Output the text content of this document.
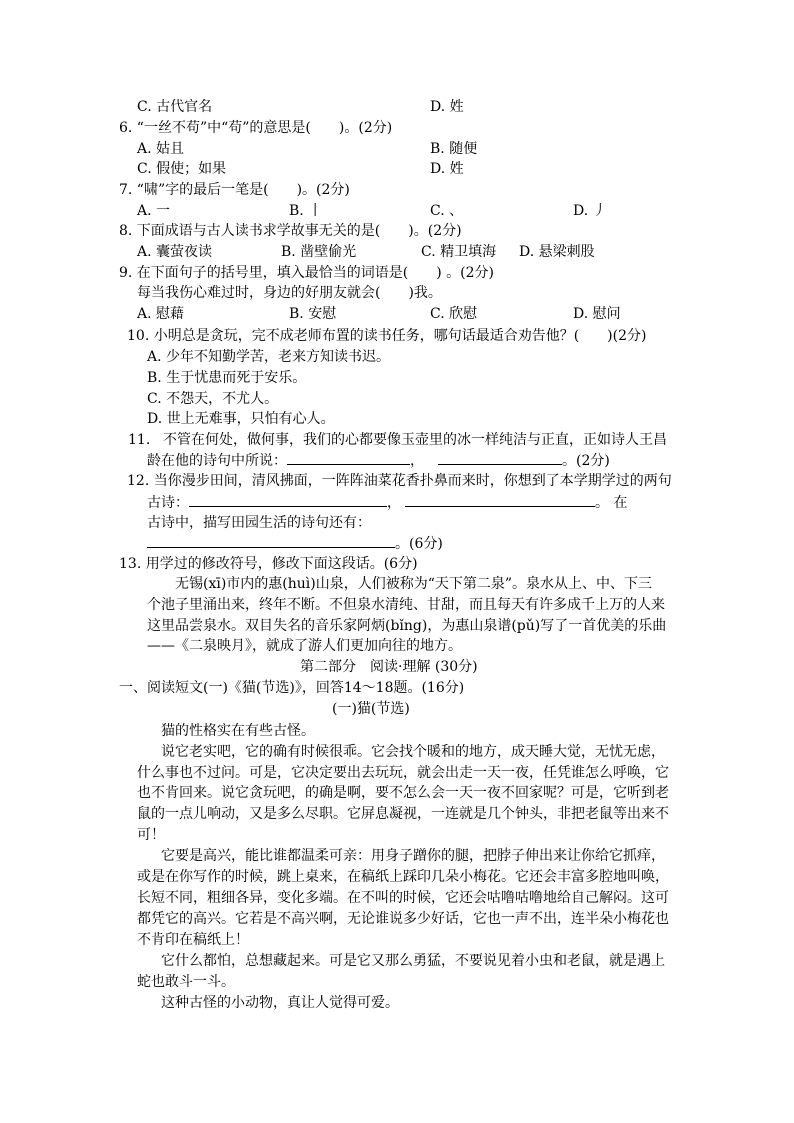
C. 古代官名	D. 姓
6. “一丝不苟”中“苟”的意思是(　　)。(2分)
A. 姑且	B. 随便
C. 假使；如果	D. 姓
7. “啸”字的最后一笔是(　　)。(2分)
A. 一	B. 丨	C. 、	D. 丿
8. 下面成语与古人读书求学故事无关的是(　　)。(2分)
A. 囊萤夜读	B. 凿壁偷光	C. 精卫填海 D. 悬梁刺股
9. 在下面句子的括号里，填入最恰当的词语是(　　) 。(2分)
每当我伤心难过时，身边的好朋友就会(　　)我。
A. 慰藉	B. 安慰	C. 欣慰	D. 慰问
10. 小明总是贪玩，完不成老师布置的读书任务，哪句话最适合劝告他？(　　)(2分)
A. 少年不知勤学苦，老来方知读书迟。
B. 生于忧患而死于安乐。
C. 不怨天，不尤人。
D. 世上无难事，只怕有心人。
11. 不管在何处，做何事，我们的心都要像玉壶里的冰一样纯洁与正直，正如诗人王昌
龄在他的诗句中所说：	，	。(2分)
12. 当你漫步田间，清风拂面，一阵阵油菜花香扑鼻而来时，你想到了本学期学过的两句
古诗：	，	。 在
古诗中，描写田园生活的诗句还有：
。(6分)
13. 用学过的修改符号，修改下面这段话。(6分)
无锡(xī)市内的惠(huì)山泉，人们被称为“天下第二泉”。泉水从上、中、下三
个池子里涌出来，终年不断。不但泉水清纯、甘甜，而且每天有许多成千上万的人来
这里品尝泉水。双目失名的音乐家阿炳(bǐng)，为惠山泉谱(pǔ)写了一首优美的乐曲
——《二泉映月》，就成了游人们更加向往的地方。
第二部分　阅读·理解 (30分)
一、阅读短文(一)《猫(节选)》，回答14～18题。(16分)
(一)猫(节选)
猫的性格实在有些古怪。
说它老实吧，它的确有时候很乖。它会找个暖和的地方，成天睡大觉，无忧无虑，
什么事也不过问。可是，它决定要出去玩玩，就会出走一天一夜，任凭谁怎么呼唤，它
也不肯回来。说它贪玩吧，的确是啊，要不怎么会一天一夜不回家呢？可是，它听到老
鼠的一点儿响动，又是多么尽职。它屏息凝视，一连就是几个钟头，非把老鼠等出来不
可！
它要是高兴，能比谁都温柔可亲：用身子蹭你的腿，把脖子伸出来让你给它抓痒，
或是在你写作的时候，跳上桌来，在稿纸上踩印几朵小梅花。它还会丰富多腔地叫唤，
长短不同，粗细各异，变化多端。在不叫的时候，它还会咕噜咕噜地给自己解闷。这可
都凭它的高兴。它若是不高兴啊，无论谁说多少好话，它也一声不出，连半朵小梅花也
不肯印在稿纸上！
它什么都怕，总想藏起来。可是它又那么勇猛，不要说见着小虫和老鼠，就是遇上
蛇也敢斗一斗。
这种古怪的小动物，真让人觉得可爱。
